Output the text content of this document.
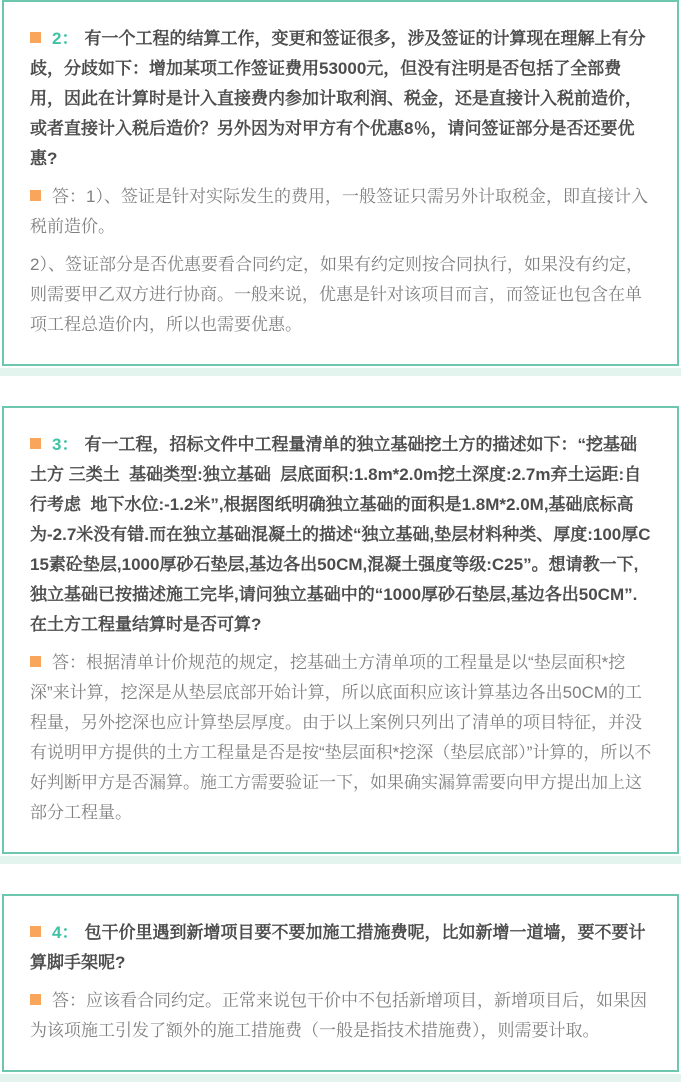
2： 有一个工程的结算工作，变更和签证很多，涉及签证的计算现在理解上有分歧，分歧如下：增加某项工作签证费用53000元，但没有注明是否包括了全部费用，因此在计算时是计入直接费内参加计取利润、税金，还是直接计入税前造价，或者直接计入税后造价？另外因为对甲方有个优惠8％，请问签证部分是否还要优惠?

答：1）、签证是针对实际发生的费用，一般签证只需另外计取税金，即直接计入税前造价。

2）、签证部分是否优惠要看合同约定，如果有约定则按合同执行，如果没有约定，则需要甲乙双方进行协商。一般来说，优惠是针对该项目而言，而签证也包含在单项工程总造价内，所以也需要优惠。

3： 有一工程，招标文件中工程量清单的独立基础挖土方的描述如下：“挖基础土方 三类土  基础类型:独立基础  层底面积:1.8m*2.0m挖土深度:2.7m弃土运距:自行考虑  地下水位:-1.2米”,根据图纸明确独立基础的面积是1.8M*2.0M,基础底标高为-2.7米没有错.而在独立基础混凝土的描述“独立基础,垫层材料种类、厚度:100厚C15素砼垫层,1000厚砂石垫层,基边各出50CM,混凝土强度等级:C25”。想请教一下,独立基础已按描述施工完毕,请问独立基础中的“1000厚砂石垫层,基边各出50CM”.在土方工程量结算时是否可算?

答：根据清单计价规范的规定，挖基础土方清单项的工程量是以“垫层面积*挖深”来计算，挖深是从垫层底部开始计算，所以底面积应该计算基边各出50CM的工程量，另外挖深也应计算垫层厚度。由于以上案例只列出了清单的项目特征，并没有说明甲方提供的土方工程量是否是按“垫层面积*挖深（垫层底部）”计算的，所以不好判断甲方是否漏算。施工方需要验证一下，如果确实漏算需要向甲方提出加上这部分工程量。

4： 包干价里遇到新增项目要不要加施工措施费呢，比如新增一道墙，要不要计算脚手架呢?

答：应该看合同约定。正常来说包干价中不包括新增项目，新增项目后，如果因为该项施工引发了额外的施工措施费（一般是指技术措施费），则需要计取。
